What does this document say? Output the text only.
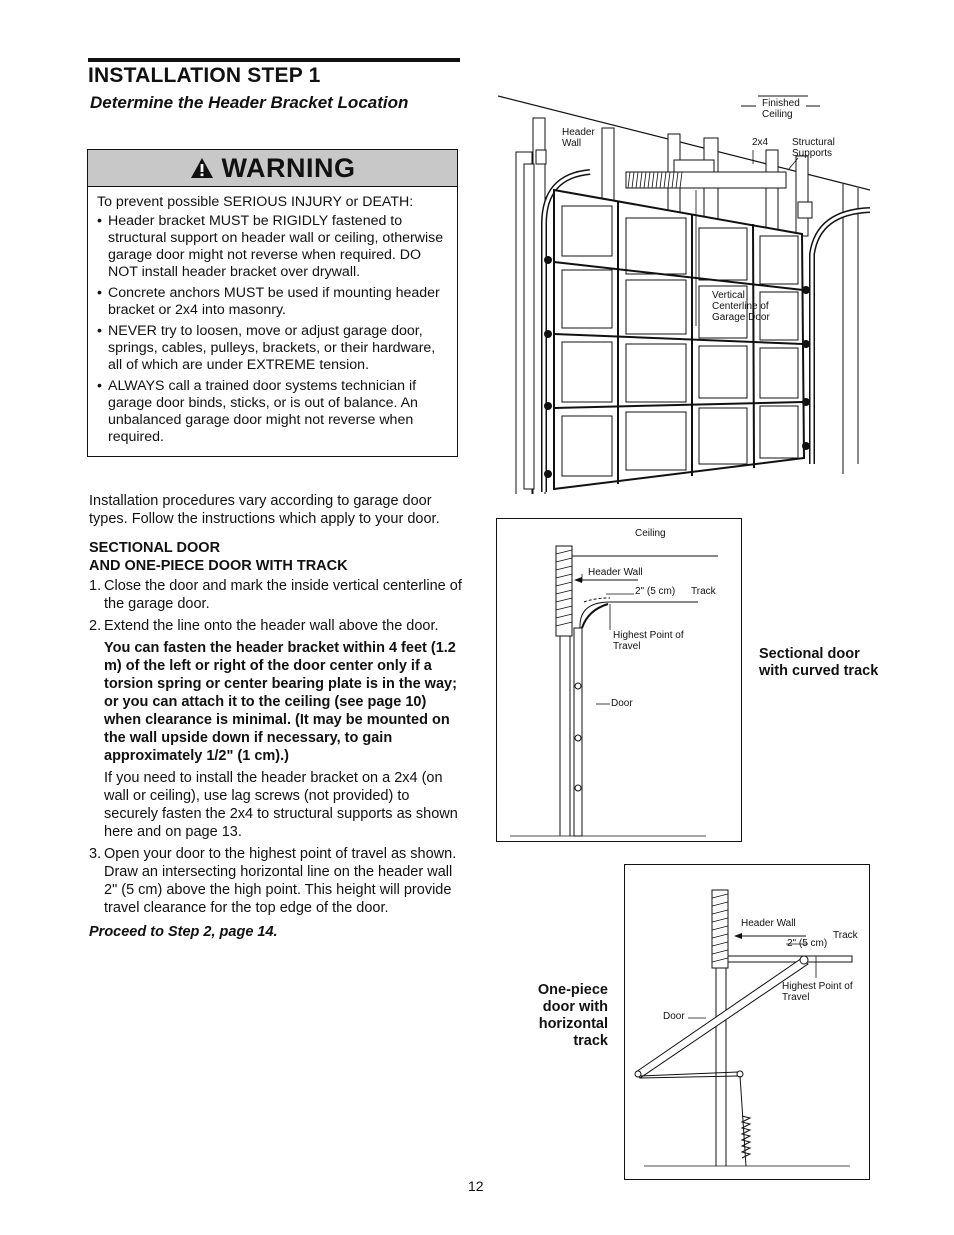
INSTALLATION STEP 1
Determine the Header Bracket Location
WARNING

To prevent possible SERIOUS INJURY or DEATH:

• Header bracket MUST be RIGIDLY fastened to structural support on header wall or ceiling, otherwise garage door might not reverse when required. DO NOT install header bracket over drywall.
• Concrete anchors MUST be used if mounting header bracket or 2x4 into masonry.
• NEVER try to loosen, move or adjust garage door, springs, cables, pulleys, brackets, or their hardware, all of which are under EXTREME tension.
• ALWAYS call a trained door systems technician if garage door binds, sticks, or is out of balance. An unbalanced garage door might not reverse when required.

Installation procedures vary according to garage door types. Follow the instructions which apply to your door.

SECTIONAL DOOR

AND ONE-PIECE DOOR WITH TRACK

1. Close the door and mark the inside vertical centerline of the garage door.

2. Extend the line onto the header wall above the door.

You can fasten the header bracket within 4 feet (1.2 m) of the left or right of the door center only if a torsion spring or center bearing plate is in the way; or you can attach it to the ceiling (see page 10) when clearance is minimal. (It may be mounted on the wall upside down if necessary, to gain approximately 1/2" (1 cm).)

If you need to install the header bracket on a 2x4 (on wall or ceiling), use lag screws (not provided) to securely fasten the 2x4 to structural supports as shown here and on page 13.

3. Open your door to the highest point of travel as shown. Draw an intersecting horizontal line on the header wall 2" (5 cm) above the high point. This height will provide travel clearance for the top edge of the door.

Proceed to Step 2, page 14.

Finished Ceiling
Header Wall	2x4 Structural Supports
Vertical Centerline of Garage Door
Ceiling
Header Wall
2" (5 cm) Track
Highest Point of Travel
Door
Sectional door with curved track
Header Wall
Track
2" (5 cm)
Highest Point of Travel
Door
One-piece door with horizontal track
12
